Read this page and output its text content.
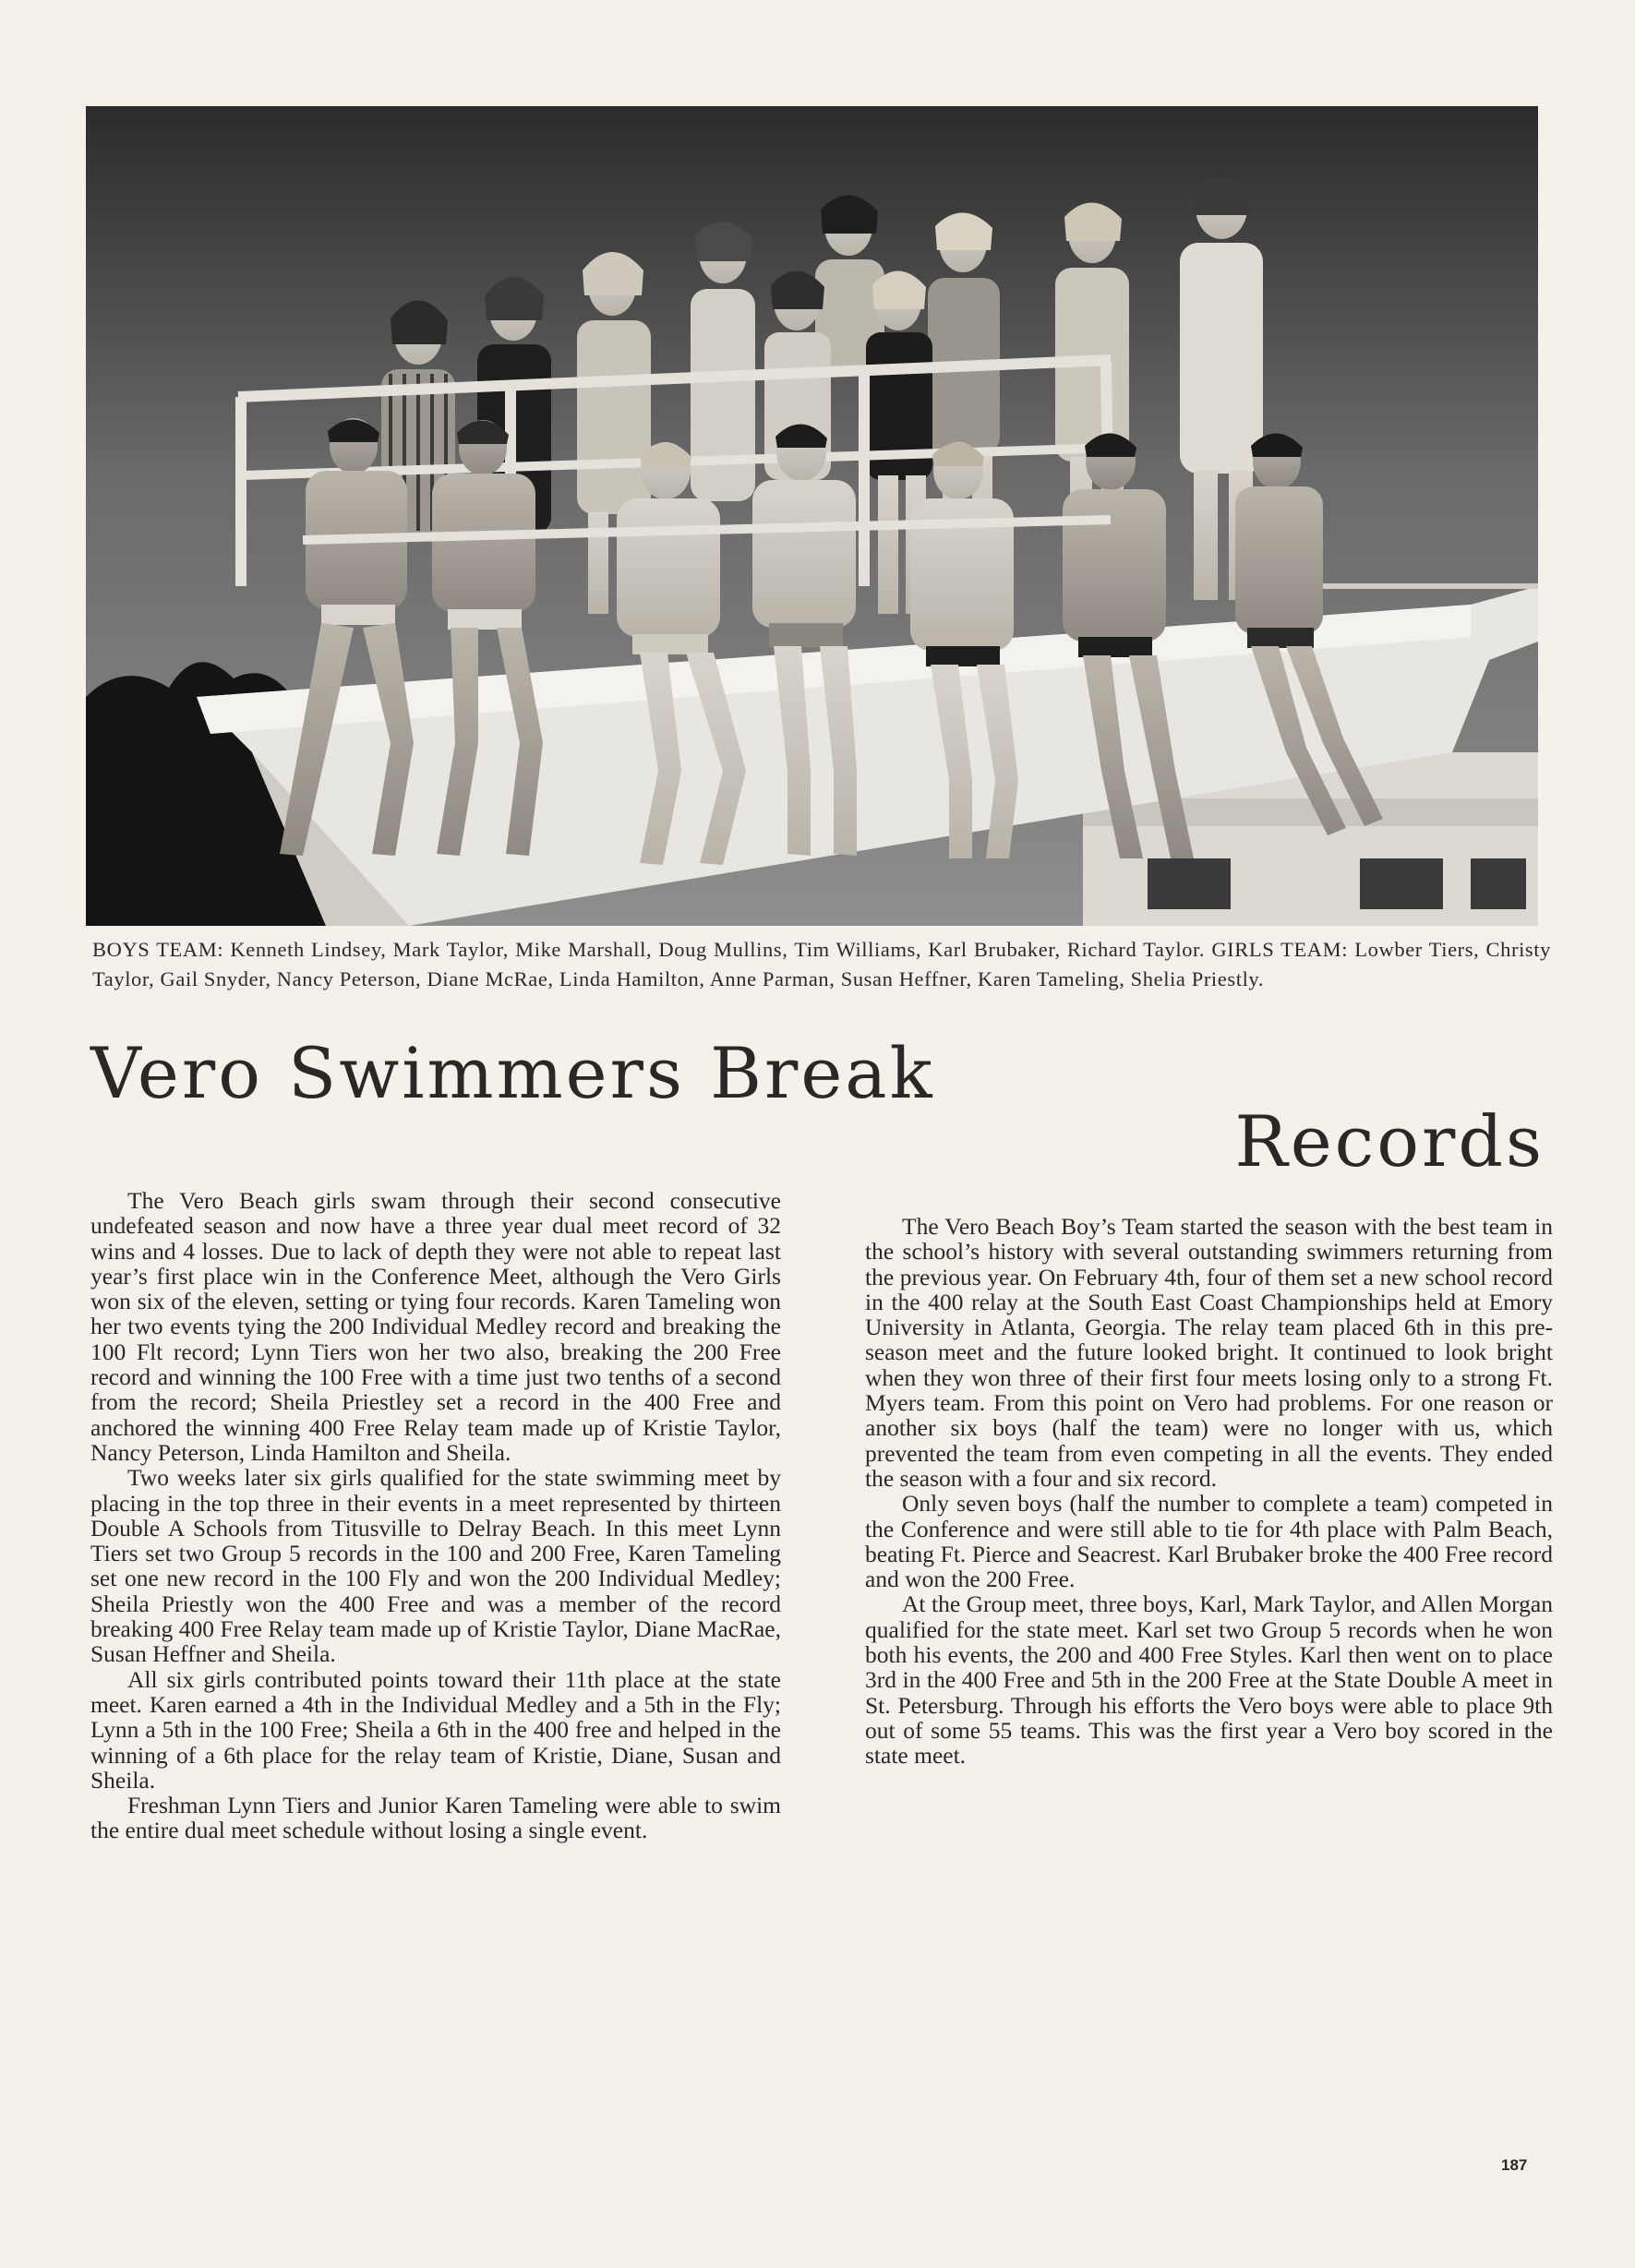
BOYS TEAM: Kenneth Lindsey, Mark Taylor, Mike Marshall, Doug Mullins, Tim Williams, Karl Brubaker, Richard Taylor. GIRLS TEAM: Lowber Tiers, Christy Taylor, Gail Snyder, Nancy Peterson, Diane McRae, Linda Hamilton, Anne Parman, Susan Heffner, Karen Tameling, Shelia Priestly.
Vero Swimmers Break
Records

The Vero Beach girls swam through their second consecutive undefeated season and now have a three year dual meet record of 32 wins and 4 losses. Due to lack of depth they were not able to repeat last year’s first place win in the Conference Meet, although the Vero Girls won six of the eleven, setting or tying four records. Karen Tameling won her two events tying the 200 Individual Medley record and breaking the 100 Flt record; Lynn Tiers won her two also, breaking the 200 Free record and winning the 100 Free with a time just two tenths of a second from the record; Sheila Priestley set a record in the 400 Free and anchored the winning 400 Free Relay team made up of Kristie Taylor, Nancy Peterson, Linda Hamilton and Sheila.

Two weeks later six girls qualified for the state swimming meet by placing in the top three in their events in a meet represented by thirteen Double A Schools from Titusville to Delray Beach. In this meet Lynn Tiers set two Group 5 records in the 100 and 200 Free, Karen Tameling set one new record in the 100 Fly and won the 200 Individual Medley; Sheila Priestly won the 400 Free and was a member of the record breaking 400 Free Relay team made up of Kristie Taylor, Diane MacRae, Susan Heffner and Sheila.

All six girls contributed points toward their 11th place at the state meet. Karen earned a 4th in the Individual Medley and a 5th in the Fly; Lynn a 5th in the 100 Free; Sheila a 6th in the 400 free and helped in the winning of a 6th place for the relay team of Kristie, Diane, Susan and Sheila.

Freshman Lynn Tiers and Junior Karen Tameling were able to swim the entire dual meet schedule without losing a single event.

The Vero Beach Boy’s Team started the season with the best team in the school’s history with several outstanding swimmers returning from the previous year. On February 4th, four of them set a new school record in the 400 relay at the South East Coast Championships held at Emory University in Atlanta, Georgia. The relay team placed 6th in this pre-season meet and the future looked bright. It continued to look bright when they won three of their first four meets losing only to a strong Ft. Myers team. From this point on Vero had problems. For one reason or another six boys (half the team) were no longer with us, which prevented the team from even competing in all the events. They ended the season with a four and six record.

Only seven boys (half the number to complete a team) competed in the Conference and were still able to tie for 4th place with Palm Beach, beating Ft. Pierce and Seacrest. Karl Brubaker broke the 400 Free record and won the 200 Free.

At the Group meet, three boys, Karl, Mark Taylor, and Allen Morgan qualified for the state meet. Karl set two Group 5 records when he won both his events, the 200 and 400 Free Styles. Karl then went on to place 3rd in the 400 Free and 5th in the 200 Free at the State Double A meet in St. Petersburg. Through his efforts the Vero boys were able to place 9th out of some 55 teams. This was the first year a Vero boy scored in the state meet.

187
